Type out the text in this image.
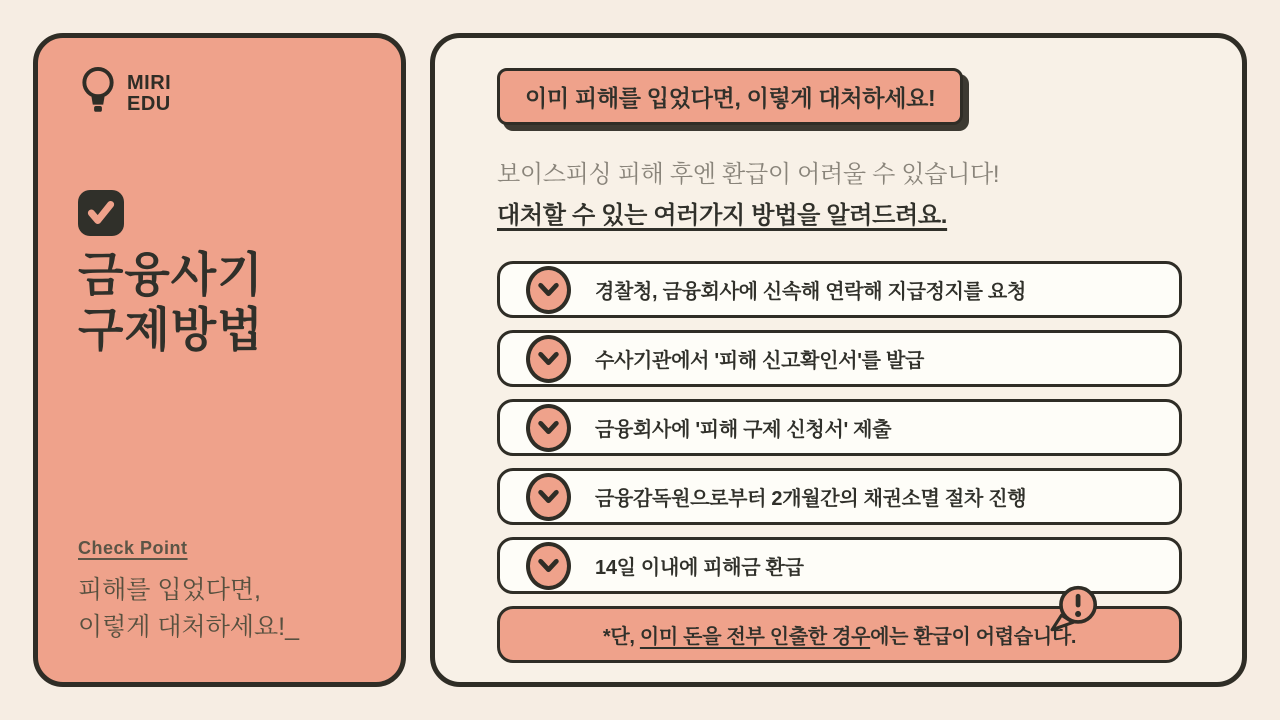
MIRI
EDU
금융사기
구제방법
Check Point
피해를 입었다면,
이렇게 대처하세요!_
이미 피해를 입었다면, 이렇게 대처하세요!
보이스피싱 피해 후엔 환급이 어려울 수 있습니다!
대처할 수 있는 여러가지 방법을 알려드려요.
경찰청, 금융회사에 신속해 연락해 지급정지를 요청
수사기관에서 '피해 신고확인서'를 발급
금융회사에 '피해 구제 신청서' 제출
금융감독원으로부터 2개월간의 채권소멸 절차 진행
14일 이내에 피해금 환급
*단, 이미 돈을 전부 인출한 경우에는 환급이 어렵습니다.
